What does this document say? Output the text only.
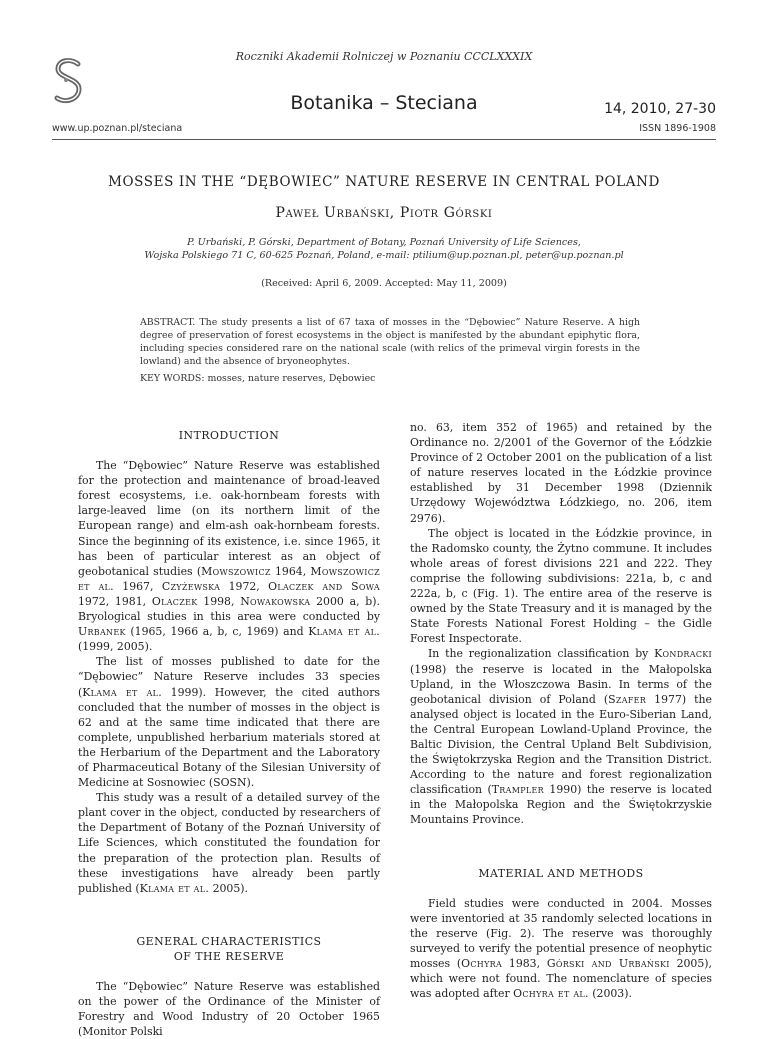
Roczniki Akademii Rolniczej w Poznaniu CCCLXXXIX
Botanika – Steciana	14, 2010, 27-30
www.up.poznan.pl/steciana	ISSN 1896-1908
MOSSES IN THE “DĘBOWIEC” NATURE RESERVE IN CENTRAL POLAND
Paweł Urbański, Piotr Górski
P. Urbański, P. Górski, Department of Botany, Poznań University of Life Sciences,
Wojska Polskiego 71 C, 60-625 Poznań, Poland, e-mail: ptilium@up.poznan.pl, peter@up.poznan.pl
(Received: April 6, 2009. Accepted: May 11, 2009)
ABSTRACT. The study presents a list of 67 taxa of mosses in the “Dębowiec” Nature Reserve. A high degree of preservation of forest ecosystems in the object is manifested by the abundant epiphytic flora, including species considered rare on the national scale (with relics of the primeval virgin forests in the lowland) and the absence of bryoneophytes.
KEY WORDS: mosses, nature reserves, Dębowiec
INTRODUCTION

The “Dębowiec” Nature Reserve was established for the protection and maintenance of broad-leaved forest ecosystems, i.e. oak-hornbeam forests with large-leaved lime (on its northern limit of the European range) and elm-ash oak-hornbeam forests. Since the beginning of its existence, i.e. since 1965, it has been of particular interest as an object of geobotanical studies (Mowszowicz 1964, Mowszowicz et al. 1967, Czyżewska 1972, Olaczek and Sowa 1972, 1981, Olaczek 1998, Nowakowska 2000 a, b). Bryological studies in this area were conducted by Urbanek (1965, 1966 a, b, c, 1969) and Klama et al. (1999, 2005).

The list of mosses published to date for the “Dębowiec” Nature Reserve includes 33 species (Klama et al. 1999). However, the cited authors concluded that the number of mosses in the object is 62 and at the same time indicated that there are complete, unpublished herbarium materials stored at the Herbarium of the Department and the Laboratory of Pharmaceutical Botany of the Silesian University of Medicine at Sosnowiec (SOSN).

This study was a result of a detailed survey of the plant cover in the object, conducted by researchers of the Department of Botany of the Poznań University of Life Sciences, which constituted the foundation for the preparation of the protection plan. Results of these investigations have already been partly published (Klama et al. 2005).

GENERAL CHARACTERISTICS
OF THE RESERVE

The “Dębowiec” Nature Reserve was established on the power of the Ordinance of the Minister of Forestry and Wood Industry of 20 October 1965 (Monitor Polski

no. 63, item 352 of 1965) and retained by the Ordinance no. 2/2001 of the Governor of the Łódzkie Province of 2 October 2001 on the publication of a list of nature reserves located in the Łódzkie province established by 31 December 1998 (Dziennik Urzędowy Województwa Łódzkiego, no. 206, item 2976).

The object is located in the Łódzkie province, in the Radomsko county, the Żytno commune. It includes whole areas of forest divisions 221 and 222. They comprise the following subdivisions: 221a, b, c and 222a, b, c (Fig. 1). The entire area of the reserve is owned by the State Treasury and it is managed by the State Forests National Forest Holding – the Gidle Forest Inspectorate.

In the regionalization classification by Kondracki (1998) the reserve is located in the Małopolska Upland, in the Włoszczowa Basin. In terms of the geobotanical division of Poland (Szafer 1977) the analysed object is located in the Euro-Siberian Land, the Central European Lowland-Upland Province, the Baltic Division, the Central Upland Belt Subdivision, the Świętokrzyska Region and the Transition District. According to the nature and forest regionalization classification (Trampler 1990) the reserve is located in the Małopolska Region and the Świętokrzyskie Mountains Province.

MATERIAL AND METHODS

Field studies were conducted in 2004. Mosses were inventoried at 35 randomly selected locations in the reserve (Fig. 2). The reserve was thoroughly surveyed to verify the potential presence of neophytic mosses (Ochyra 1983, Górski and Urbański 2005), which were not found. The nomenclature of species was adopted after Ochyra et al. (2003).
